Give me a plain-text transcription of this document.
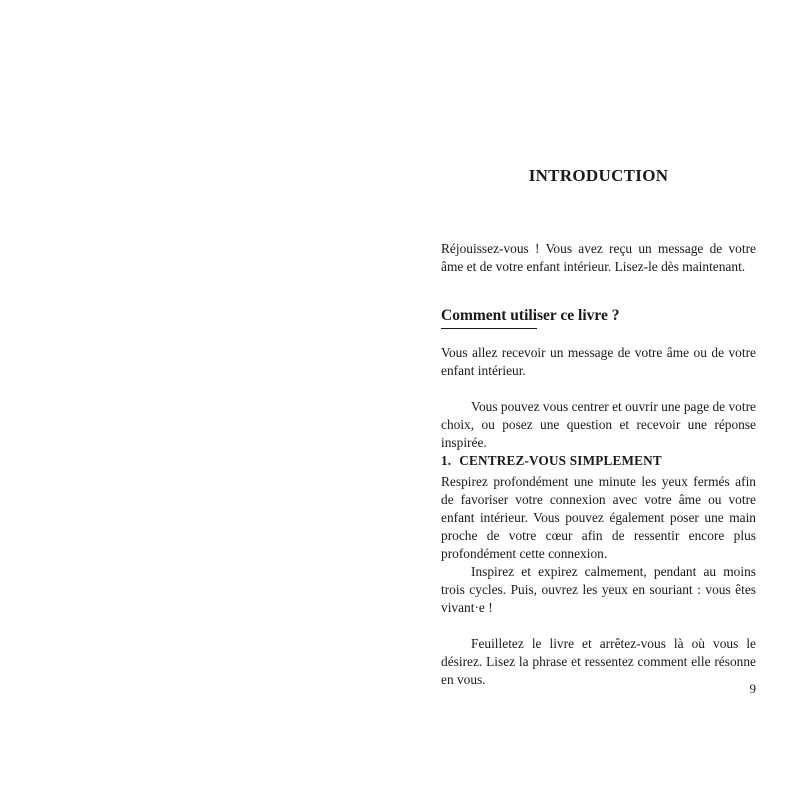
INTRODUCTION

Réjouissez-vous ! Vous avez reçu un message de votre âme et de votre enfant intérieur. Lisez-le dès maintenant.

Comment utiliser ce livre ?

Vous allez recevoir un message de votre âme ou de votre enfant intérieur.

Vous pouvez vous centrer et ouvrir une page de votre choix, ou posez une question et recevoir une réponse inspirée.

1. CENTREZ-VOUS SIMPLEMENT

Respirez profondément une minute les yeux fermés afin de favoriser votre connexion avec votre âme ou votre enfant intérieur. Vous pouvez également poser une main proche de votre cœur afin de ressentir encore plus profondément cette connexion.

Inspirez et expirez calmement, pendant au moins trois cycles. Puis, ouvrez les yeux en souriant : vous êtes vivant·e !

Feuilletez le livre et arrêtez-vous là où vous le désirez. Lisez la phrase et ressentez comment elle résonne en vous.

9
